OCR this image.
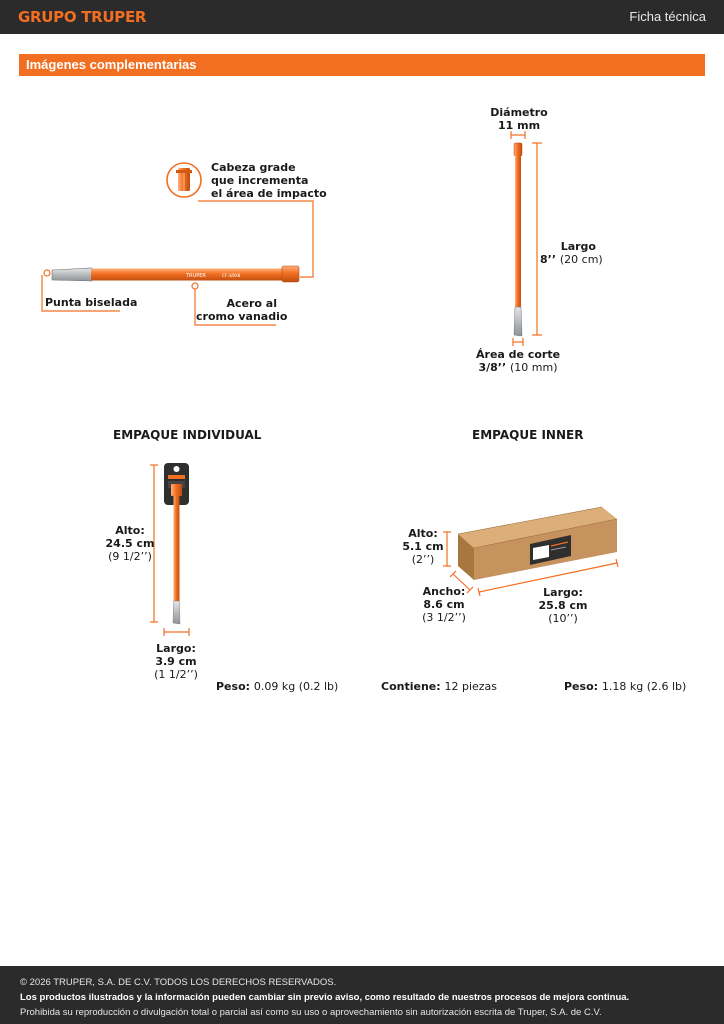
GRUPO TRUPER	Ficha técnica
Imágenes complementarias
TRUPER	CF-3/8X8
Cabeza grade
que incrementa
el área de impacto
Punta biselada	Acero al
cromo vanadio
Diámetro
11 mm
Largo
8’’ (20 cm)
Área de corte
3/8’’ (10 mm)
EMPAQUE INDIVIDUAL
Alto:
24.5 cm
(9 1/2’’)
Largo:
3.9 cm
(1 1/2’’)
Peso: 0.09 kg (0.2 lb)
EMPAQUE INNER
Alto:
5.1 cm
(2’’)
Ancho:
8.6 cm
(3 1/2’’)
Largo:
25.8 cm
(10’’)
Contiene: 12 piezas	Peso: 1.18 kg (2.6 lb)

© 2026 TRUPER, S.A. DE C.V. TODOS LOS DERECHOS RESERVADOS.

Los productos ilustrados y la información pueden cambiar sin previo aviso, como resultado de nuestros procesos de mejora continua.

Prohibida su reproducción o divulgación total o parcial así como su uso o aprovechamiento sin autorización escrita de Truper, S.A. de C.V.
